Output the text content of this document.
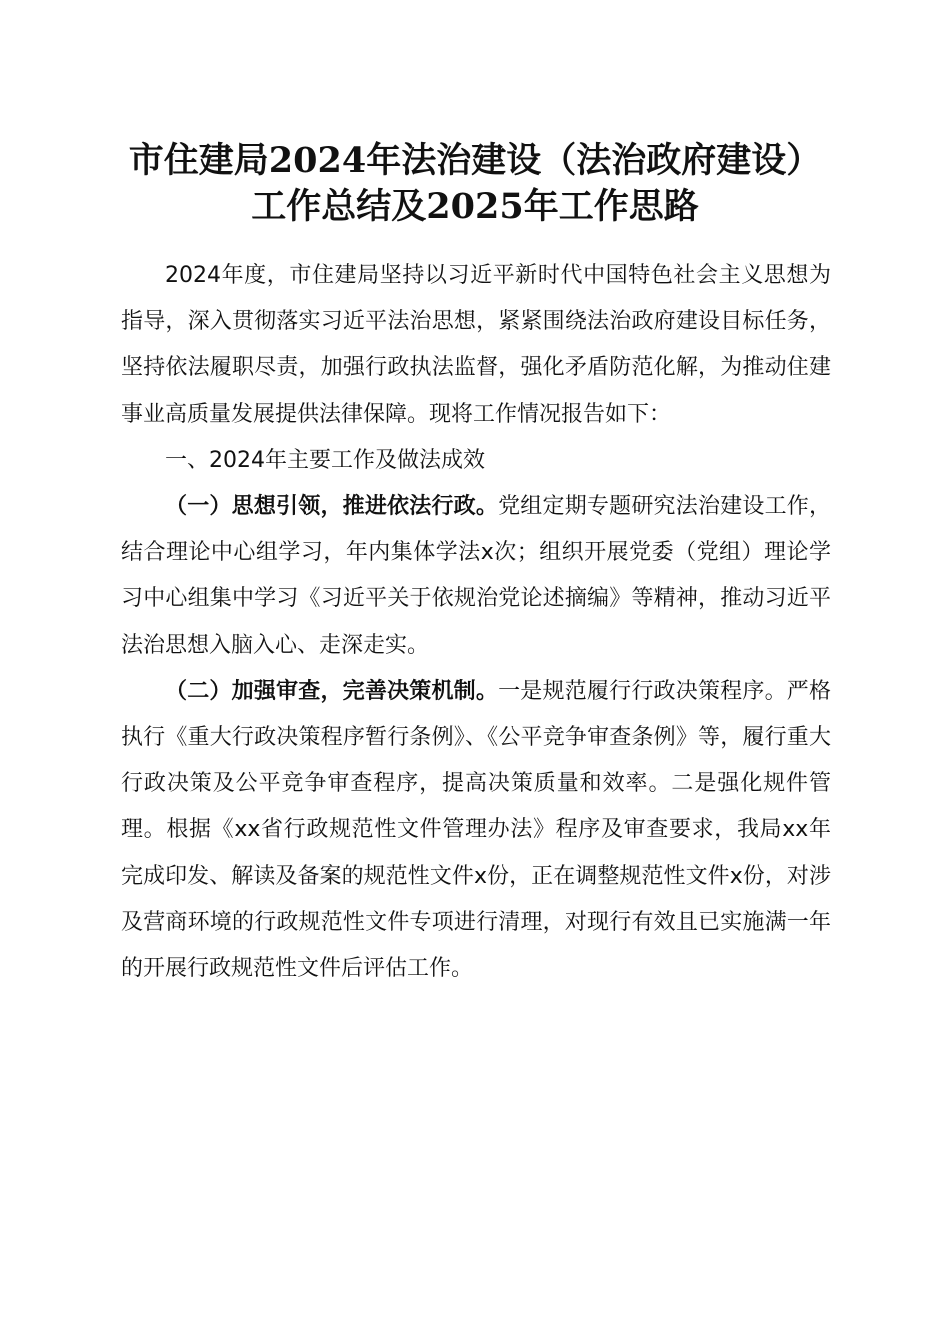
市住建局2024年法治建设（法治政府建设）
工作总结及2025年工作思路

2024年度，市住建局坚持以习近平新时代中国特色社会主义思想为指导，深入贯彻落实习近平法治思想，紧紧围绕法治政府建设目标任务，坚持依法履职尽责，加强行政执法监督，强化矛盾防范化解，为推动住建事业高质量发展提供法律保障。现将工作情况报告如下：

一、2024年主要工作及做法成效

（一）思想引领，推进依法行政。党组定期专题研究法治建设工作，结合理论中心组学习，年内集体学法x次；组织开展党委（党组）理论学习中心组集中学习《习近平关于依规治党论述摘编》等精神，推动习近平法治思想入脑入心、走深走实。

（二）加强审查，完善决策机制。一是规范履行行政决策程序。严格执行《重大行政决策程序暂行条例》、《公平竞争审查条例》等，履行重大行政决策及公平竞争审查程序，提高决策质量和效率。二是强化规件管理。根据《xx省行政规范性文件管理办法》程序及审查要求，我局xx年完成印发、解读及备案的规范性文件x份，正在调整规范性文件x份，对涉及营商环境的行政规范性文件专项进行清理，对现行有效且已实施满一年的开展行政规范性文件后评估工作。
